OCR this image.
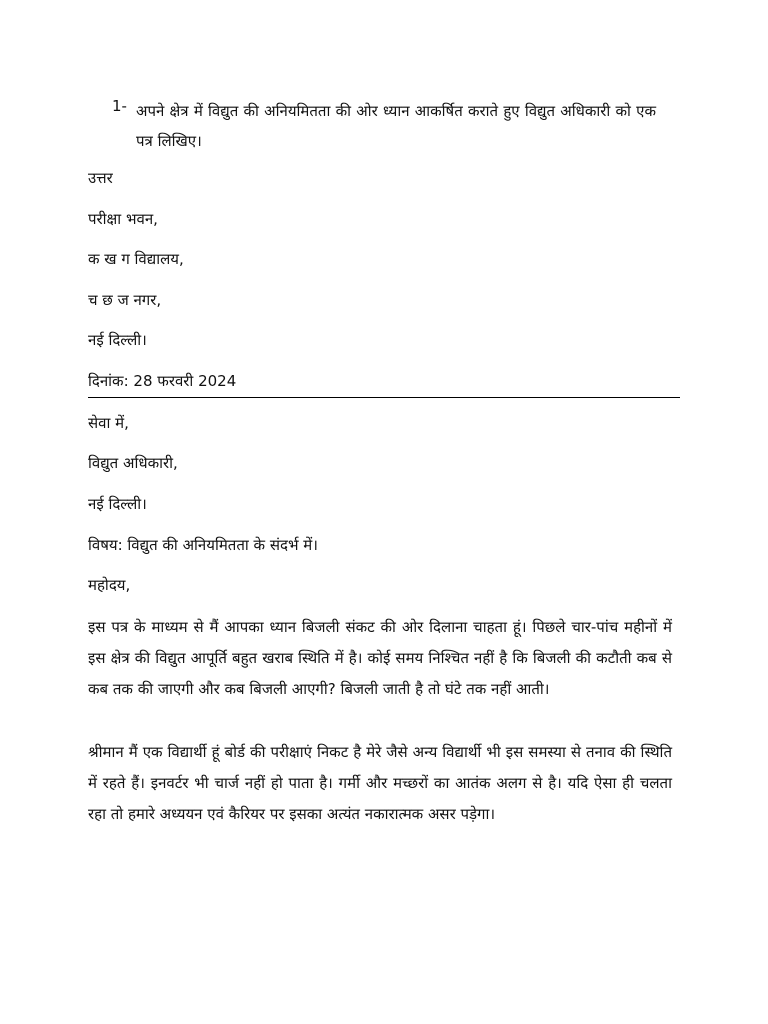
1- अपने क्षेत्र में विद्युत की अनियमितता की ओर ध्यान आकर्षित कराते हुए विद्युत अधिकारी को एक पत्र लिखिए।
उत्तर
परीक्षा भवन,
क ख ग विद्यालय,
च छ ज नगर,
नई दिल्ली।
दिनांक: 28 फरवरी 2024
सेवा में,
विद्युत अधिकारी,
नई दिल्ली।
विषय: विद्युत की अनियमितता के संदर्भ में।
महोदय,
इस पत्र के माध्यम से मैं आपका ध्यान बिजली संकट की ओर दिलाना चाहता हूं। पिछले चार-पांच महीनों में इस क्षेत्र की विद्युत आपूर्ति बहुत खराब स्थिति में है। कोई समय निश्चित नहीं है कि बिजली की कटौती कब से कब तक की जाएगी और कब बिजली आएगी? बिजली जाती है तो घंटे तक नहीं आती।
श्रीमान मैं एक विद्यार्थी हूं बोर्ड की परीक्षाएं निकट है मेरे जैसे अन्य विद्यार्थी भी इस समस्या से तनाव की स्थिति में रहते हैं। इनवर्टर भी चार्ज नहीं हो पाता है। गर्मी और मच्छरों का आतंक अलग से है। यदि ऐसा ही चलता रहा तो हमारे अध्ययन एवं कैरियर पर इसका अत्यंत नकारात्मक असर पड़ेगा।
